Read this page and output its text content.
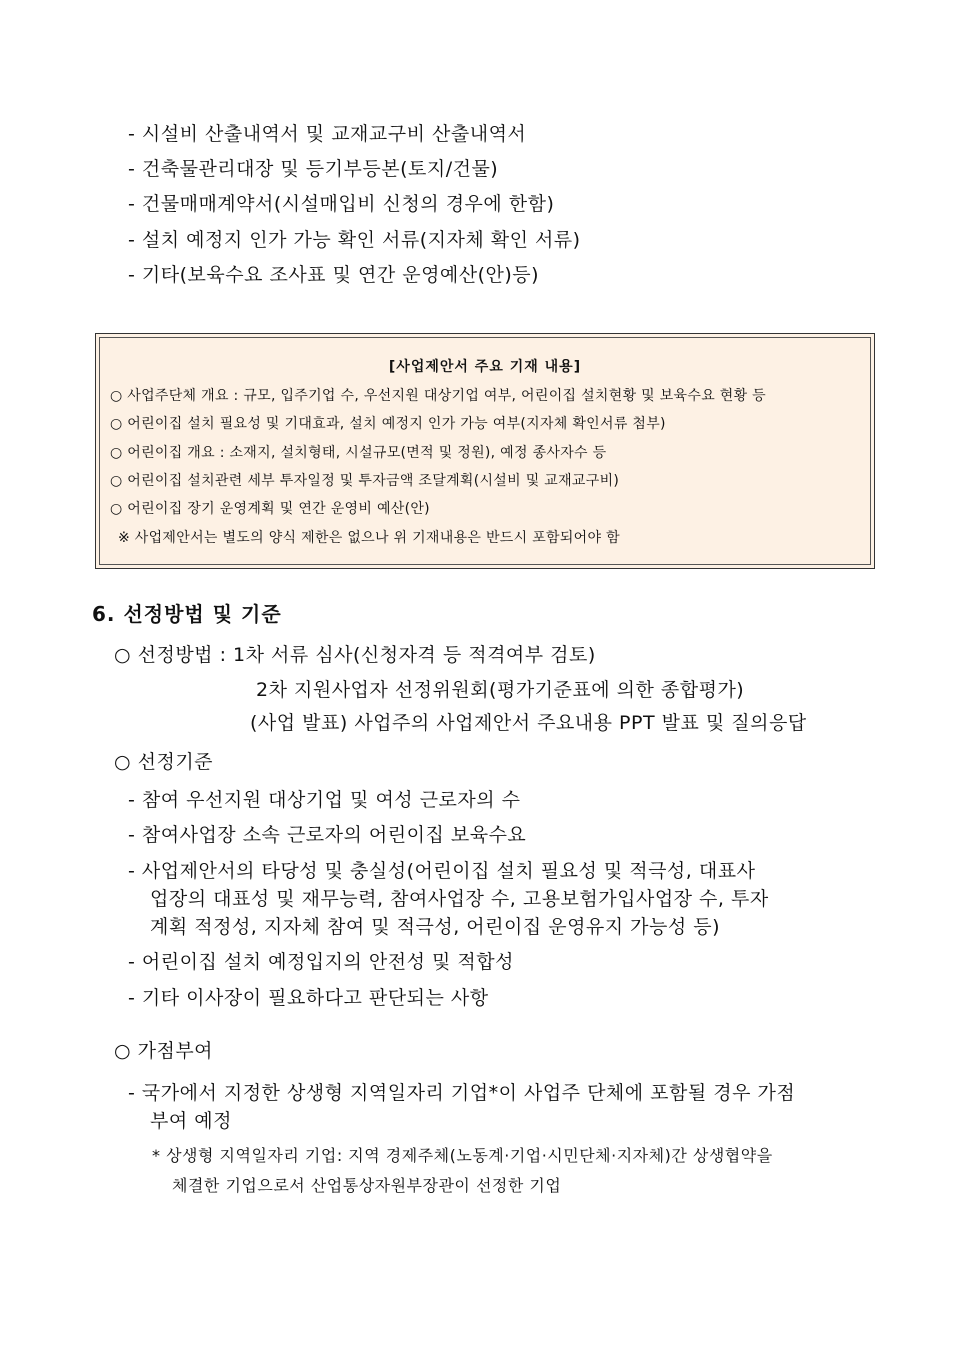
- 시설비 산출내역서 및 교재교구비 산출내역서
- 건축물관리대장 및 등기부등본(토지/건물)
- 건물매매계약서(시설매입비 신청의 경우에 한함)
- 설치 예정지 인가 가능 확인 서류(지자체 확인 서류)
- 기타(보육수요 조사표 및 연간 운영예산(안)등)
[사업제안서 주요 기재 내용]
○ 사업주단체 개요 : 규모, 입주기업 수, 우선지원 대상기업 여부, 어린이집 설치현황 및 보육수요 현황 등
○ 어린이집 설치 필요성 및 기대효과, 설치 예정지 인가 가능 여부(지자체 확인서류 첨부)
○ 어린이집 개요 : 소재지, 설치형태, 시설규모(면적 및 정원), 예정 종사자수 등
○ 어린이집 설치관련 세부 투자일정 및 투자금액 조달계획(시설비 및 교재교구비)
○ 어린이집 장기 운영계획 및 연간 운영비 예산(안)
※ 사업제안서는 별도의 양식 제한은 없으나 위 기재내용은 반드시 포함되어야 함
6. 선정방법 및 기준
○ 선정방법 : 1차 서류 심사(신청자격 등 적격여부 검토)
2차 지원사업자 선정위원회(평가기준표에 의한 종합평가)
(사업 발표) 사업주의 사업제안서 주요내용 PPT 발표 및 질의응답
○ 선정기준
- 참여 우선지원 대상기업 및 여성 근로자의 수
- 참여사업장 소속 근로자의 어린이집 보육수요
- 사업제안서의 타당성 및 충실성(어린이집 설치 필요성 및 적극성, 대표사
업장의 대표성 및 재무능력, 참여사업장 수, 고용보험가입사업장 수, 투자
계획 적정성, 지자체 참여 및 적극성, 어린이집 운영유지 가능성 등)
- 어린이집 설치 예정입지의 안전성 및 적합성
- 기타 이사장이 필요하다고 판단되는 사항
○ 가점부여
- 국가에서 지정한 상생형 지역일자리 기업*이 사업주 단체에 포함될 경우 가점
부여 예정
* 상생형 지역일자리 기업: 지역 경제주체(노동계·기업·시민단체·지자체)간 상생협약을
체결한 기업으로서 산업통상자원부장관이 선정한 기업
